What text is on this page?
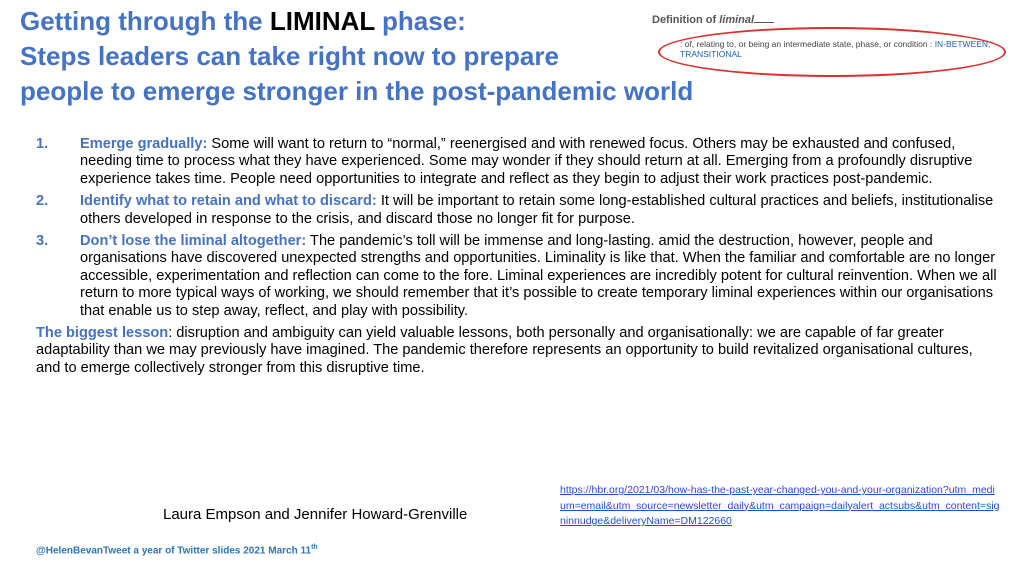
Getting through the LIMINAL phase:
Steps leaders can take right now to prepare
people to emerge stronger in the post-pandemic world
Definition of liminal
: of, relating to, or being an intermediate state, phase, or condition : IN-BETWEEN, TRANSITIONAL
1. Emerge gradually: Some will want to return to “normal,” reenergised and with renewed focus. Others may be exhausted and confused, needing time to process what they have experienced. Some may wonder if they should return at all. Emerging from a profoundly disruptive experience takes time. People need opportunities to integrate and reflect as they begin to adjust their work practices post-pandemic.
2. Identify what to retain and what to discard: It will be important to retain some long-established cultural practices and beliefs, institutionalise others developed in response to the crisis, and discard those no longer fit for purpose.
3. Don’t lose the liminal altogether: The pandemic’s toll will be immense and long-lasting. amid the destruction, however, people and organisations have discovered unexpected strengths and opportunities. Liminality is like that. When the familiar and comfortable are no longer accessible, experimentation and reflection can come to the fore. Liminal experiences are incredibly potent for cultural reinvention. When we all return to more typical ways of working, we should remember that it’s possible to create temporary liminal experiences within our organisations that enable us to step away, reflect, and play with possibility.
The biggest lesson: disruption and ambiguity can yield valuable lessons, both personally and organisationally: we are capable of far greater adaptability than we may previously have imagined. The pandemic therefore represents an opportunity to build revitalized organisational cultures, and to emerge collectively stronger from this disruptive time.
Laura Empson and Jennifer Howard-Grenville
https://hbr.org/2021/03/how-has-the-past-year-changed-you-and-your-organization?utm_medium=email&utm_source=newsletter_daily&utm_campaign=dailyalert_actsubs&utm_content=signinnudge&deliveryName=DM122660
@HelenBevanTweet a year of Twitter slides 2021 March 11th
